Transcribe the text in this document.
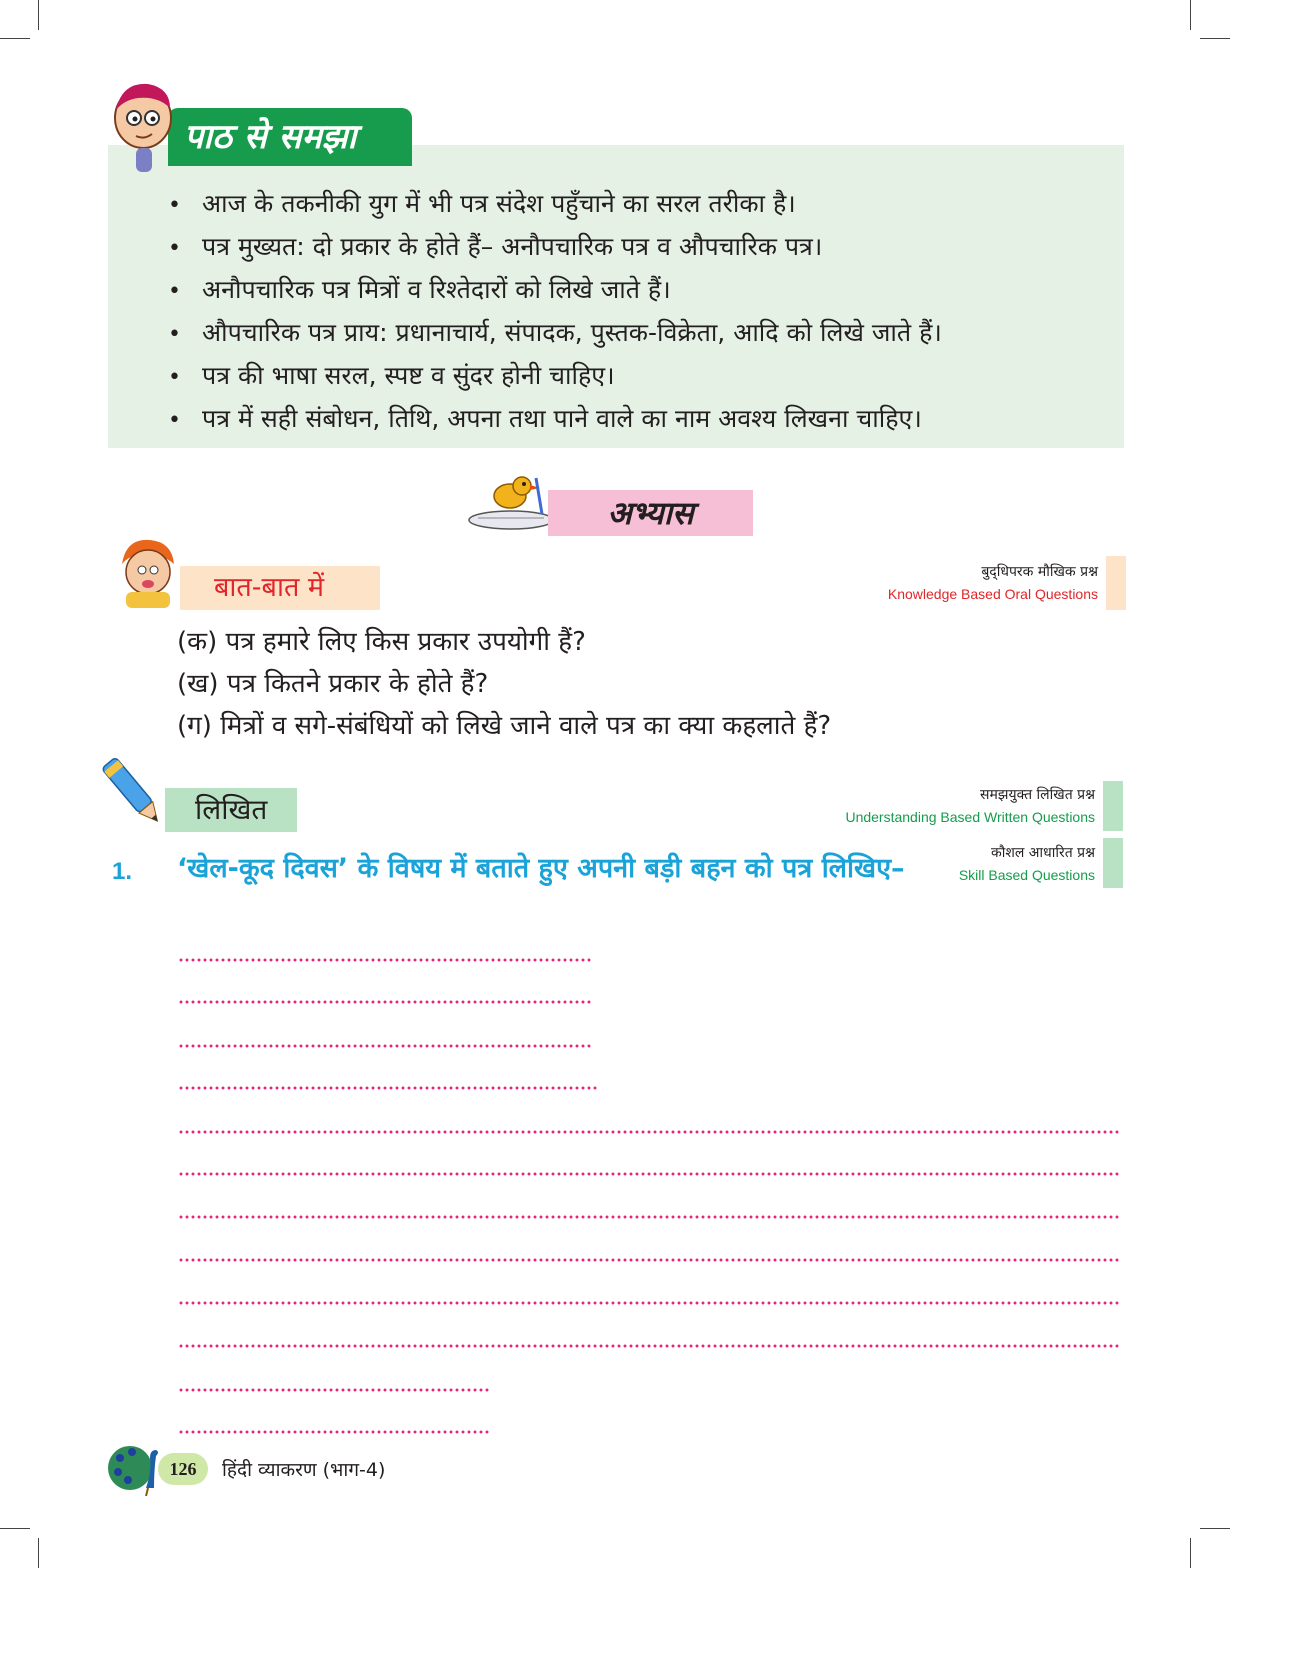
पाठ से समझा
• आज के तकनीकी युग में भी पत्र संदेश पहुँचाने का सरल तरीका है।
• पत्र मुख्यत: दो प्रकार के होते हैं– अनौपचारिक पत्र व औपचारिक पत्र।
• अनौपचारिक पत्र मित्रों व रिश्तेदारों को लिखे जाते हैं।
• औपचारिक पत्र प्राय: प्रधानाचार्य, संपादक, पुस्तक-विक्रेता, आदि को लिखे जाते हैं।
• पत्र की भाषा सरल, स्पष्ट व सुंदर होनी चाहिए।
• पत्र में सही संबोधन, तिथि, अपना तथा पाने वाले का नाम अवश्य लिखना चाहिए।
अभ्यास
बात-बात में	बुद्‌धिपरक मौखिक प्रश्न
Knowledge Based Oral Questions
(क) पत्र हमारे लिए किस प्रकार उपयोगी हैं?
(ख) पत्र कितने प्रकार के होते हैं?
(ग) मित्रों व सगे-संबंधियों को लिखे जाने वाले पत्र का क्या कहलाते हैं?
लिखित	समझयुक्त लिखित प्रश्न
Understanding Based Written Questions
कौशल आधारित प्रश्न
Skill Based Questions
1. ‘खेल-कूद दिवस’ के विषय में बताते हुए अपनी बड़ी बहन को पत्र लिखिए–
126	हिंदी व्याकरण (भाग-4)
